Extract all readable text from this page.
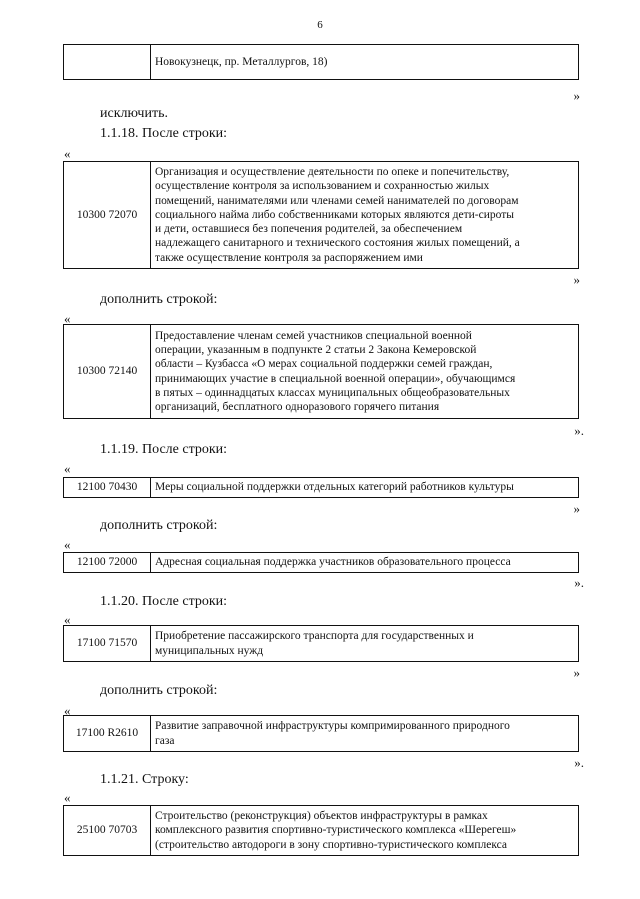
6

Новокузнецк, пр. Металлургов, 18)
»
исключить.
1.1.18. После строки:
«
10300 72070	
Организация и осуществление деятельности по опеке и попечительству,
осуществление контроля за использованием и сохранностью жилых
помещений, нанимателями или членами семей нанимателей по договорам
социального найма либо собственниками которых являются дети-сироты
и дети, оставшиеся без попечения родителей, за обеспечением
надлежащего санитарного и технического состояния жилых помещений, а
также осуществление контроля за распоряжением ими
»
дополнить строкой:
«
10300 72140	
Предоставление членам семей участников специальной военной
операции, указанным в подпункте 2 статьи 2 Закона Кемеровской
области – Кузбасса «О мерах социальной поддержки семей граждан,
принимающих участие в специальной военной операции», обучающимся
в пятых – одиннадцатых классах муниципальных общеобразовательных
организаций, бесплатного одноразового горячего питания
».
1.1.19. После строки:
«
12100 70430	Меры социальной поддержки отдельных категорий работников культуры
»
дополнить строкой:
«
12100 72000	Адресная социальная поддержка участников образовательного процесса
».
1.1.20. После строки:
«
17100 71570	
Приобретение пассажирского транспорта для государственных и
муниципальных нужд
»
дополнить строкой:
«
17100 R2610	
Развитие заправочной инфраструктуры компримированного природного
газа
».
1.1.21. Строку:
«
25100 70703	
Строительство (реконструкция) объектов инфраструктуры в рамках
комплексного развития спортивно-туристического комплекса «Шерегеш»
(строительство автодороги в зону спортивно-туристического комплекса
